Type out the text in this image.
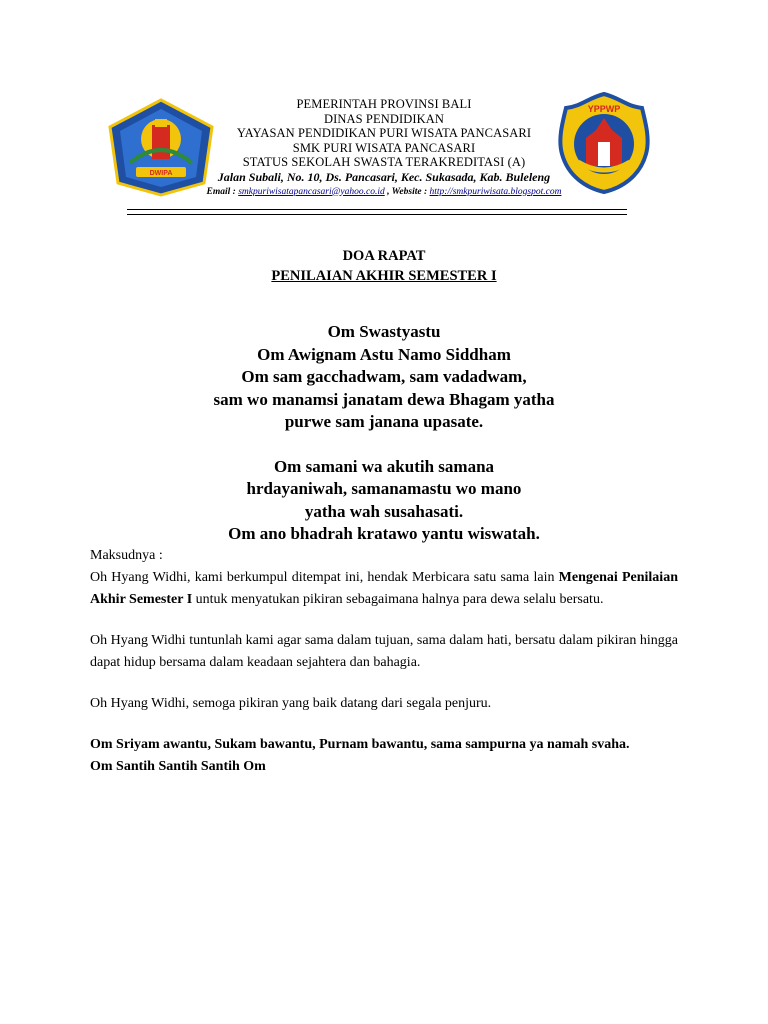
DWIPA
PEMERINTAH PROVINSI BALI
DINAS PENDIDIKAN
YAYASAN PENDIDIKAN PURI WISATA PANCASARI
SMK PURI WISATA PANCASARI
STATUS SEKOLAH SWASTA TERAKREDITASI (A)
Jalan Subali, No. 10, Ds. Pancasari, Kec. Sukasada, Kab. Buleleng
Email : smkpuriwisatapancasari@yahoo.co.id , Website : http://smkpuriwisata.blogspot.com
YPPWP
DOA RAPAT
PENILAIAN AKHIR SEMESTER I
Om Swastyastu
Om Awignam Astu Namo Siddham
Om sam gacchadwam, sam vadadwam,
sam wo manamsi janatam dewa Bhagam yatha
purwe sam janana upasate.
Om samani wa akutih samana
hrdayaniwah, samanamastu wo mano
yatha wah susahasati.
Om ano bhadrah kratawo yantu wiswatah.

Maksudnya :

Oh Hyang Widhi, kami berkumpul ditempat ini, hendak Merbicara satu sama lain Mengenai Penilaian Akhir Semester I untuk menyatukan pikiran sebagaimana halnya para dewa selalu bersatu.

Oh Hyang Widhi tuntunlah kami agar sama dalam tujuan, sama dalam hati, bersatu dalam pikiran hingga dapat hidup bersama dalam keadaan sejahtera dan bahagia.

Oh Hyang Widhi, semoga pikiran yang baik datang dari segala penjuru.

Om Sriyam awantu, Sukam bawantu, Purnam bawantu, sama sampurna ya namah svaha.

Om Santih Santih Santih Om
